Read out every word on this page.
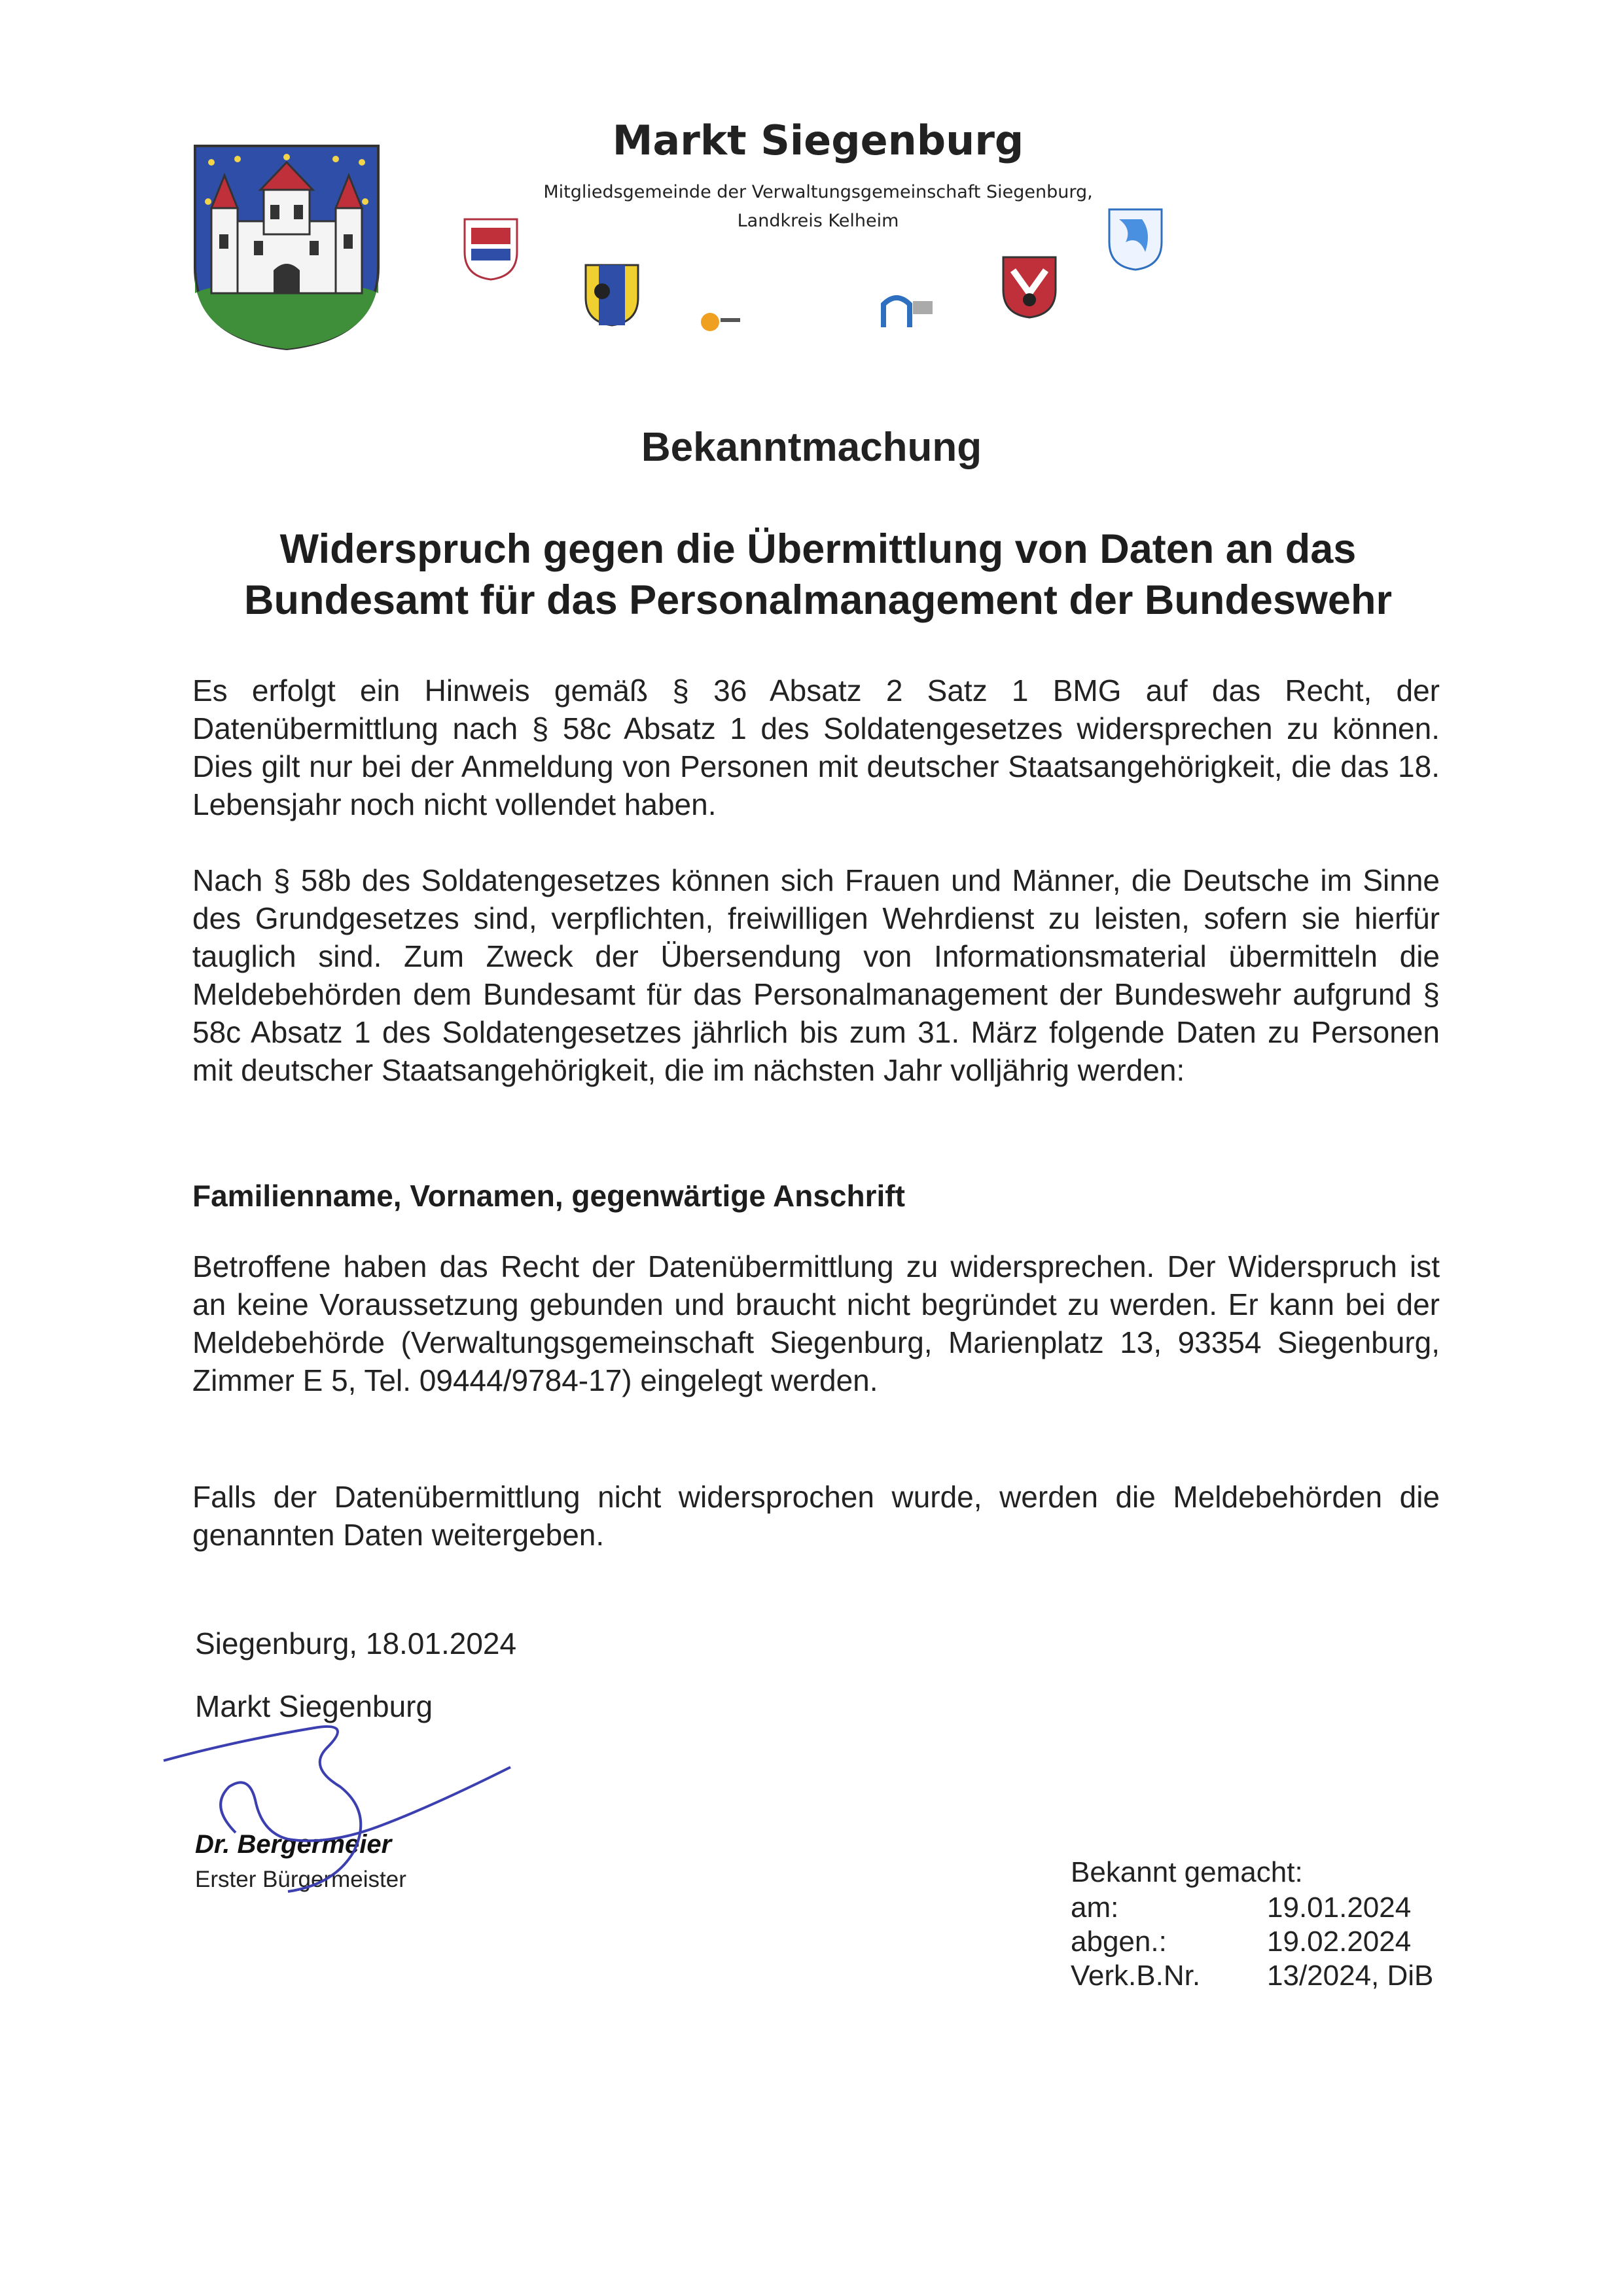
Markt Siegenburg
Mitgliedsgemeinde der Verwaltungsgemeinschaft Siegenburg,
Landkreis Kelheim
Bekanntmachung
Widerspruch gegen die Übermittlung von Daten an das
Bundesamt für das Personalmanagement der Bundeswehr
Es erfolgt ein Hinweis gemäß § 36 Absatz 2 Satz 1 BMG auf das Recht, der Datenübermittlung nach § 58c Absatz 1 des Soldatengesetzes widersprechen zu können. Dies gilt nur bei der Anmeldung von Personen mit deutscher Staatsangehörigkeit, die das 18. Lebensjahr noch nicht vollendet haben.
Nach § 58b des Soldatengesetzes können sich Frauen und Männer, die Deutsche im Sinne des Grundgesetzes sind, verpflichten, freiwilligen Wehrdienst zu leisten, sofern sie hierfür tauglich sind. Zum Zweck der Übersendung von Informationsmaterial übermitteln die Meldebehörden dem Bundesamt für das Personalmanagement der Bundeswehr aufgrund § 58c Absatz 1 des Soldatengesetzes jährlich bis zum 31. März folgende Daten zu Personen mit deutscher Staatsangehörigkeit, die im nächsten Jahr volljährig werden:
Familienname, Vornamen, gegenwärtige Anschrift
Betroffene haben das Recht der Datenübermittlung zu widersprechen. Der Widerspruch ist an keine Voraussetzung gebunden und braucht nicht begründet zu werden. Er kann bei der Meldebehörde (Verwaltungsgemeinschaft Siegenburg, Marienplatz 13, 93354 Siegenburg, Zimmer E 5, Tel. 09444/9784-17) eingelegt werden.
Falls der Datenübermittlung nicht widersprochen wurde, werden die Meldebehörden die genannten Daten weitergeben.
Siegenburg, 18.01.2024
Markt Siegenburg
Dr. Bergermeier
Erster Bürgermeister	Bekannt gemacht:
am:	19.01.2024
abgen.:	19.02.2024
Verk.B.Nr.	13/2024, DiB
